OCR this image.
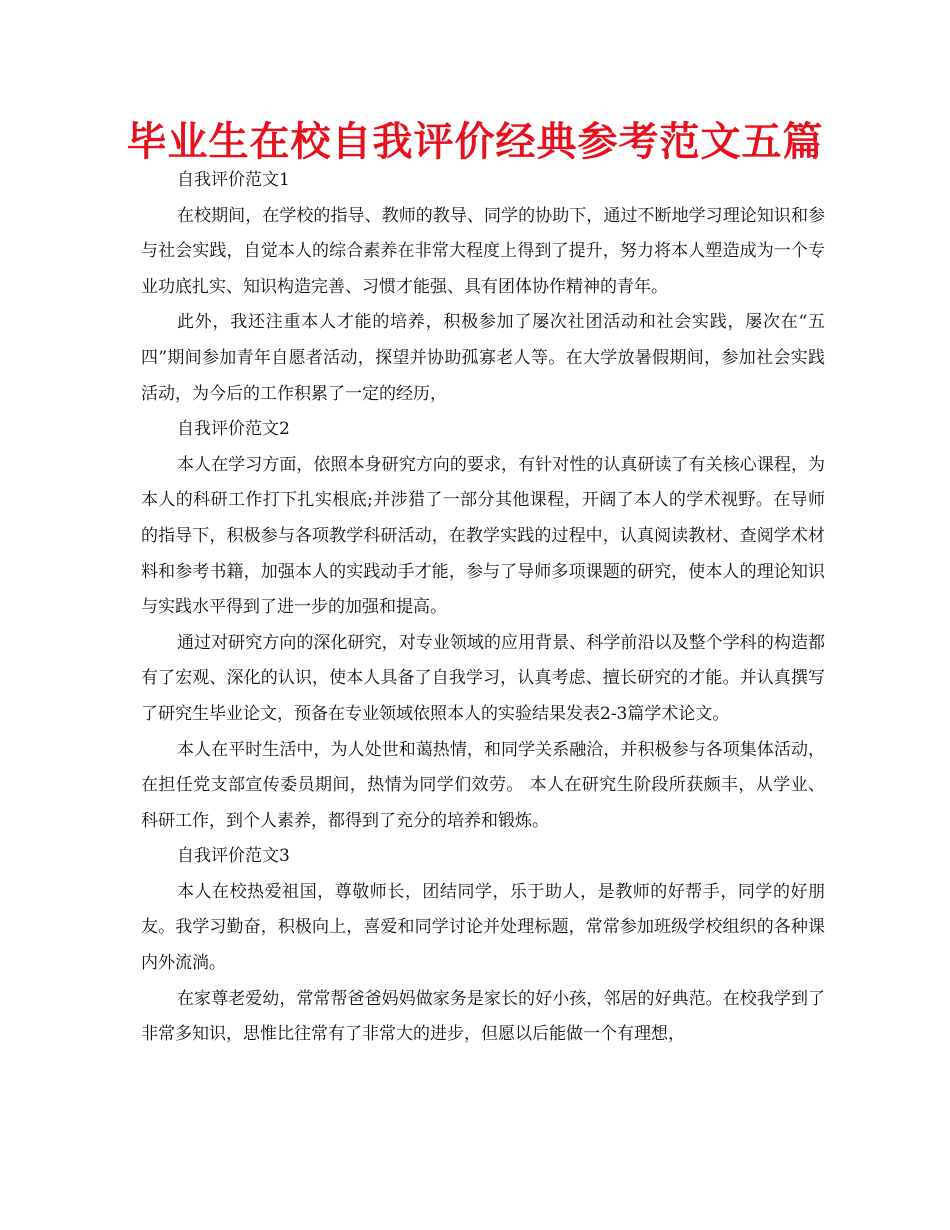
毕业生在校自我评价经典参考范文五篇

自我评价范文1

在校期间，在学校的指导、教师的教导、同学的协助下，通过不断地学习理论知识和参与社会实践，自觉本人的综合素养在非常大程度上得到了提升，努力将本人塑造成为一个专业功底扎实、知识构造完善、习惯才能强、具有团体协作精神的青年。

此外，我还注重本人才能的培养，积极参加了屡次社团活动和社会实践，屡次在“五四”期间参加青年自愿者活动，探望并协助孤寡老人等。在大学放暑假期间，参加社会实践活动，为今后的工作积累了一定的经历，

自我评价范文2

本人在学习方面，依照本身研究方向的要求，有针对性的认真研读了有关核心课程，为本人的科研工作打下扎实根底;并涉猎了一部分其他课程，开阔了本人的学术视野。在导师的指导下，积极参与各项教学科研活动，在教学实践的过程中，认真阅读教材、查阅学术材料和参考书籍，加强本人的实践动手才能，参与了导师多项课题的研究，使本人的理论知识与实践水平得到了进一步的加强和提高。

通过对研究方向的深化研究，对专业领域的应用背景、科学前沿以及整个学科的构造都有了宏观、深化的认识，使本人具备了自我学习，认真考虑、擅长研究的才能。并认真撰写了研究生毕业论文，预备在专业领域依照本人的实验结果发表2-3篇学术论文。

本人在平时生活中，为人处世和蔼热情，和同学关系融洽，并积极参与各项集体活动，在担任党支部宣传委员期间，热情为同学们效劳。 本人在研究生阶段所获颇丰，从学业、科研工作，到个人素养，都得到了充分的培养和锻炼。

自我评价范文3

本人在校热爱祖国，尊敬师长，团结同学，乐于助人，是教师的好帮手，同学的好朋友。我学习勤奋，积极向上，喜爱和同学讨论并处理标题，常常参加班级学校组织的各种课内外流淌。

在家尊老爱幼，常常帮爸爸妈妈做家务是家长的好小孩，邻居的好典范。在校我学到了非常多知识，思惟比往常有了非常大的进步，但愿以后能做一个有理想，
